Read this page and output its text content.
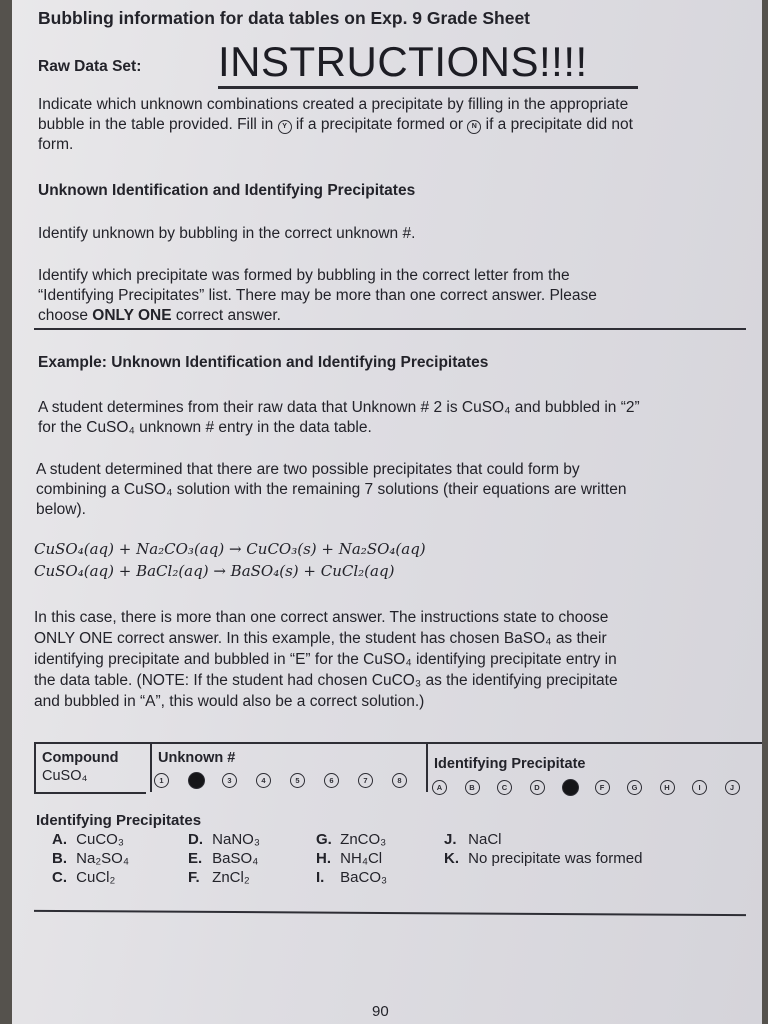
Bubbling information for data tables on Exp. 9 Grade Sheet
Raw Data Set: INSTRUCTIONS!!!!
Indicate which unknown combinations created a precipitate by filling in the appropriate
bubble in the table provided. Fill in Y if a precipitate formed or N if a precipitate did not
form.
Unknown Identification and Identifying Precipitates
Identify unknown by bubbling in the correct unknown #.
Identify which precipitate was formed by bubbling in the correct letter from the
“Identifying Precipitates” list. There may be more than one correct answer. Please
choose ONLY ONE correct answer.
Example: Unknown Identification and Identifying Precipitates
A student determines from their raw data that Unknown # 2 is CuSO₄ and bubbled in “2”
for the CuSO₄ unknown # entry in the data table.
A student determined that there are two possible precipitates that could form by
combining a CuSO₄ solution with the remaining 7 solutions (their equations are written
below).
CuSO₄(aq) + Na₂CO₃(aq) → CuCO₃(s) + Na₂SO₄(aq)
CuSO₄(aq) + BaCl₂(aq) → BaSO₄(s) + CuCl₂(aq)
In this case, there is more than one correct answer. The instructions state to choose
ONLY ONE correct answer. In this example, the student has chosen BaSO₄ as their
identifying precipitate and bubbled in “E” for the CuSO₄ identifying precipitate entry in
the data table. (NOTE: If the student had chosen CuCO₃ as the identifying precipitate
and bubbled in “A”, this would also be a correct solution.)
Compound
CuSO₄
Unknown #	Identifying Precipitate
1	2	3	4	5	6	7	8
A	B	C	D	E	F	G	H	I	J
Identifying Precipitates
A. CuCO₃
B. Na₂SO₄
C. CuCl₂
D. NaNO₃
E. BaSO₄
F. ZnCl₂
G. ZnCO₃
H. NH₄Cl
I. BaCO₃
J. NaCl
K. No precipitate was formed
90
